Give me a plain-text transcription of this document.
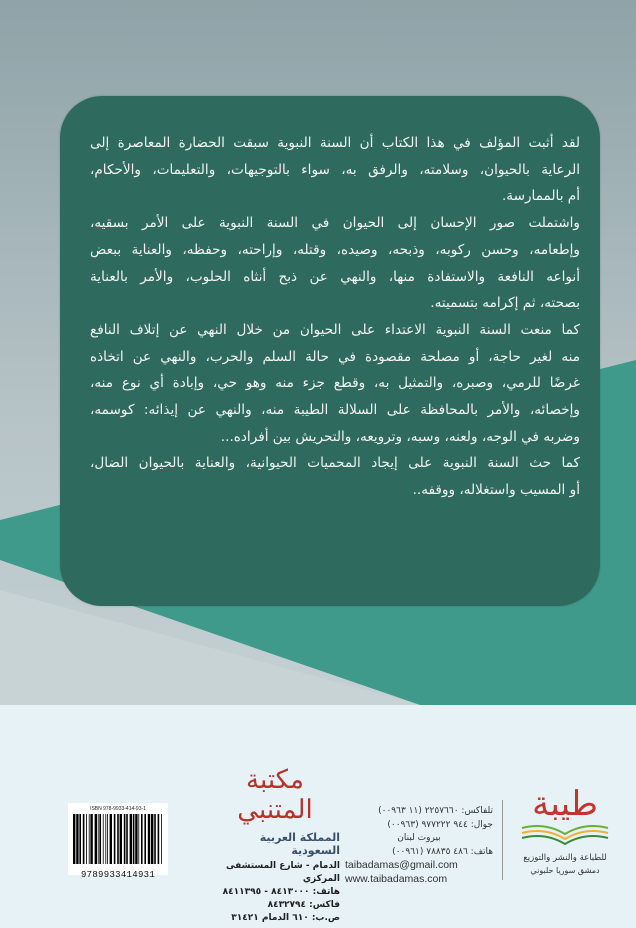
لقد أثبت المؤلف في هذا الكتاب أن السنة النبوية سبقت الحضارة المعاصرة إلى
الرعاية بالحيوان، وسلامته، والرفق به، سواء بالتوجيهات، والتعليمات، والأحكام،
أم بالممارسة.
واشتملت صور الإحسان إلى الحيوان في السنة النبوية على الأمر بسقيه،
وإطعامه، وحسن ركوبه، وذبحه، وصيده، وقتله، وإراحته، وحفظه، والعناية ببعض
أنواعه النافعة والاستفادة منها، والنهي عن ذبح أنثاه الحلوب، والأمر بالعناية
بصحته، ثم إكرامه بتسميته.
كما منعت السنة النبوية الاعتداء على الحيوان من خلال النهي عن إتلاف النافع
منه لغير حاجة، أو مصلحة مقصودة في حالة السلم والحرب، والنهي عن اتخاذه
غرضًا للرمي، وصبره، والتمثيل به، وقطع جزء منه وهو حي، وإبادة أي نوع منه،
وإخصائه، والأمر بالمحافظة على السلالة الطيبة منه، والنهي عن إيذائه: كوسمه،
وضربه في الوجه، ولعنه، وسبه، وترويعه، والتحريش بين أفراده...
كما حث السنة النبوية على إيجاد المحميات الحيوانية، والعناية بالحيوان الضال،
أو المسيب واستغلاله، ووقفه..
طيبة
للطباعة والنشر والتوزيع
دمشق سوريا حلبوني
تلفاكس: ٢٢٥٧٦٦٠ (١١ ٠٠٩٦٣)
جوال: ٩٤٤ ٩٧٧٢٢٢ (٠٠٩٦٣)
بيروت لبنان
هاتف: ٤٨٦ ٧٨٨٣٥ (٠٠٩٦١)
taibadamas@gmail.com
www.taibadamas.com
مكتبة المتنبي
المملكة العربية السعودية
الدمام - شارع المستشفى المركزي
هاتف: ٨٤١٣٠٠٠ - ٨٤١١٣٩٥
فاكس: ٨٤٣٢٧٩٤
ص.ب: ٦١٠ الدمام ٣١٤٢١
ISBN 978-9933-414-93-1
9789933414931
